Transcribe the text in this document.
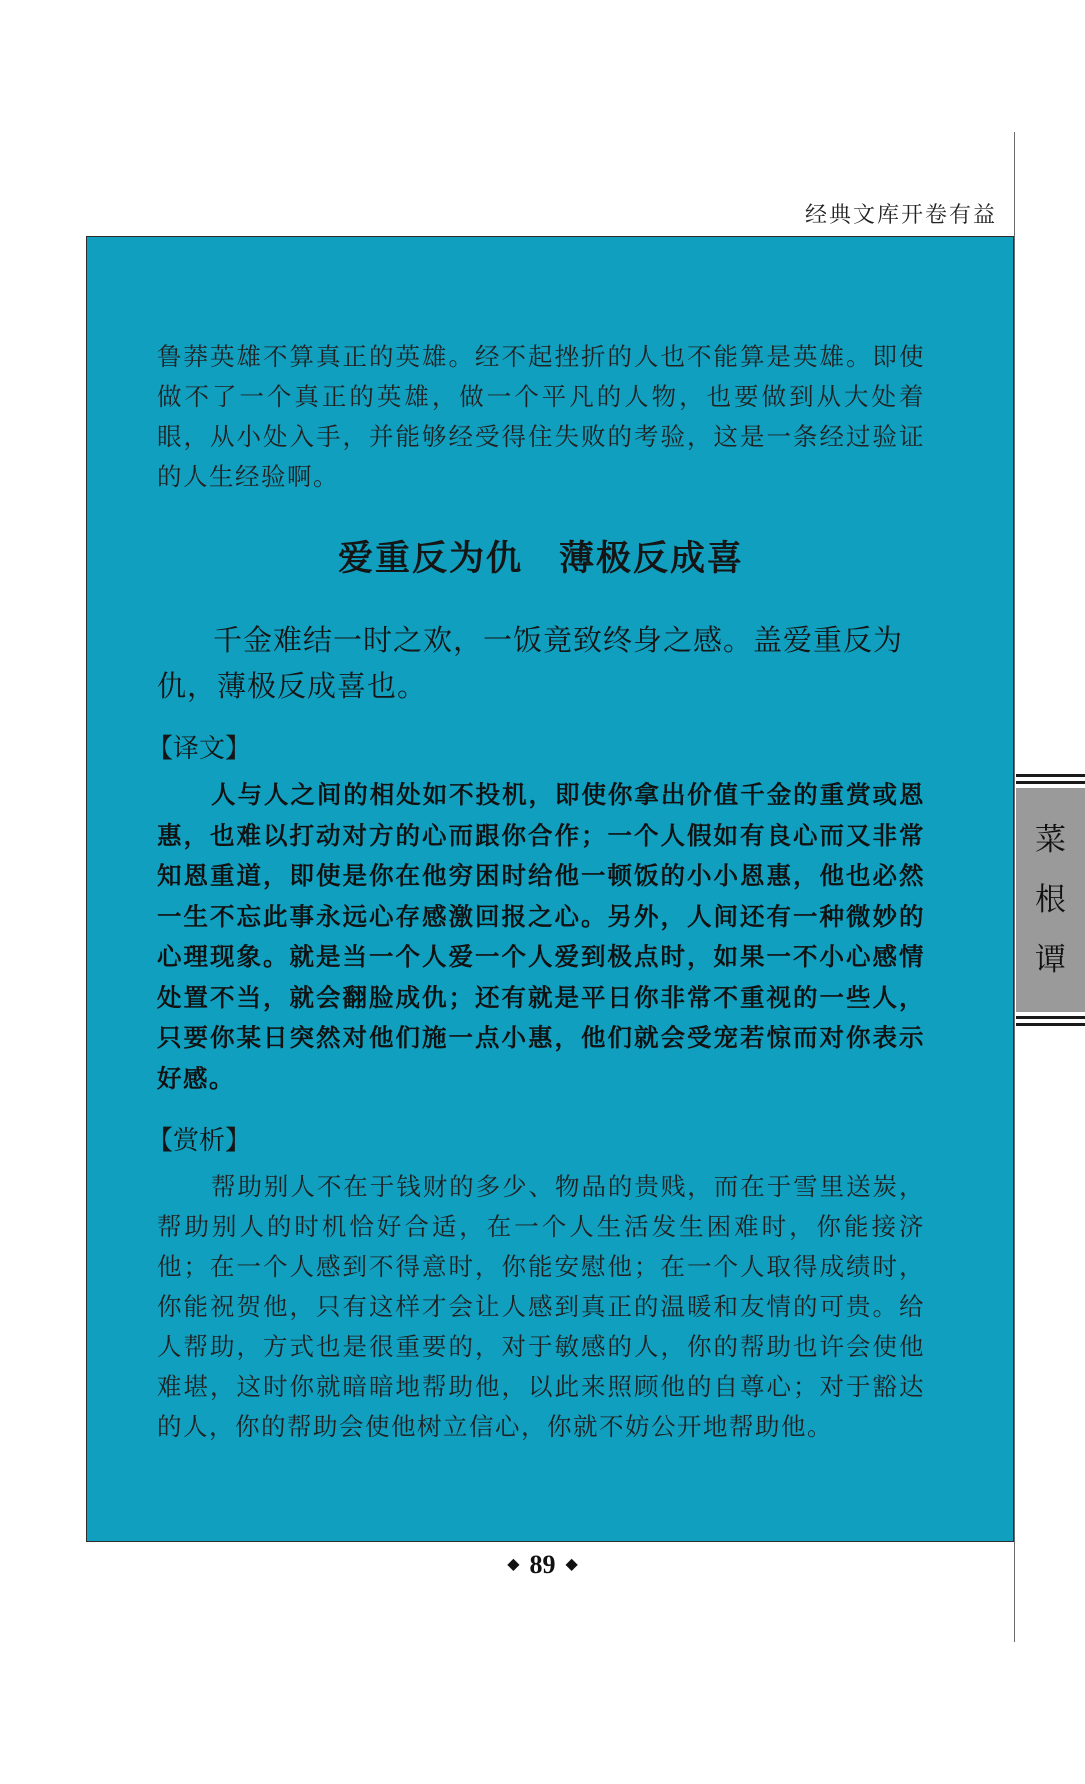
经典文库开卷有益

鲁莽英雄不算真正的英雄。经不起挫折的人也不能算是英雄。即使做不了一个真正的英雄，做一个平凡的人物，也要做到从大处着眼，从小处入手，并能够经受得住失败的考验，这是一条经过验证的人生经验啊。

爱重反为仇 薄极反成喜

千金难结一时之欢，一饭竟致终身之感。盖爱重反为仇，薄极反成喜也。

【译文】

人与人之间的相处如不投机，即使你拿出价值千金的重赏或恩惠，也难以打动对方的心而跟你合作；一个人假如有良心而又非常知恩重道，即使是你在他穷困时给他一顿饭的小小恩惠，他也必然一生不忘此事永远心存感激回报之心。另外，人间还有一种微妙的心理现象。就是当一个人爱一个人爱到极点时，如果一不小心感情处置不当，就会翻脸成仇；还有就是平日你非常不重视的一些人，只要你某日突然对他们施一点小惠，他们就会受宠若惊而对你表示好感。

【赏析】

帮助别人不在于钱财的多少、物品的贵贱，而在于雪里送炭，帮助别人的时机恰好合适，在一个人生活发生困难时，你能接济他；在一个人感到不得意时，你能安慰他；在一个人取得成绩时，你能祝贺他，只有这样才会让人感到真正的温暖和友情的可贵。给人帮助，方式也是很重要的，对于敏感的人，你的帮助也许会使他难堪，这时你就暗暗地帮助他，以此来照顾他的自尊心；对于豁达的人，你的帮助会使他树立信心，你就不妨公开地帮助他。

菜
根
谭
◆ 89 ◆
